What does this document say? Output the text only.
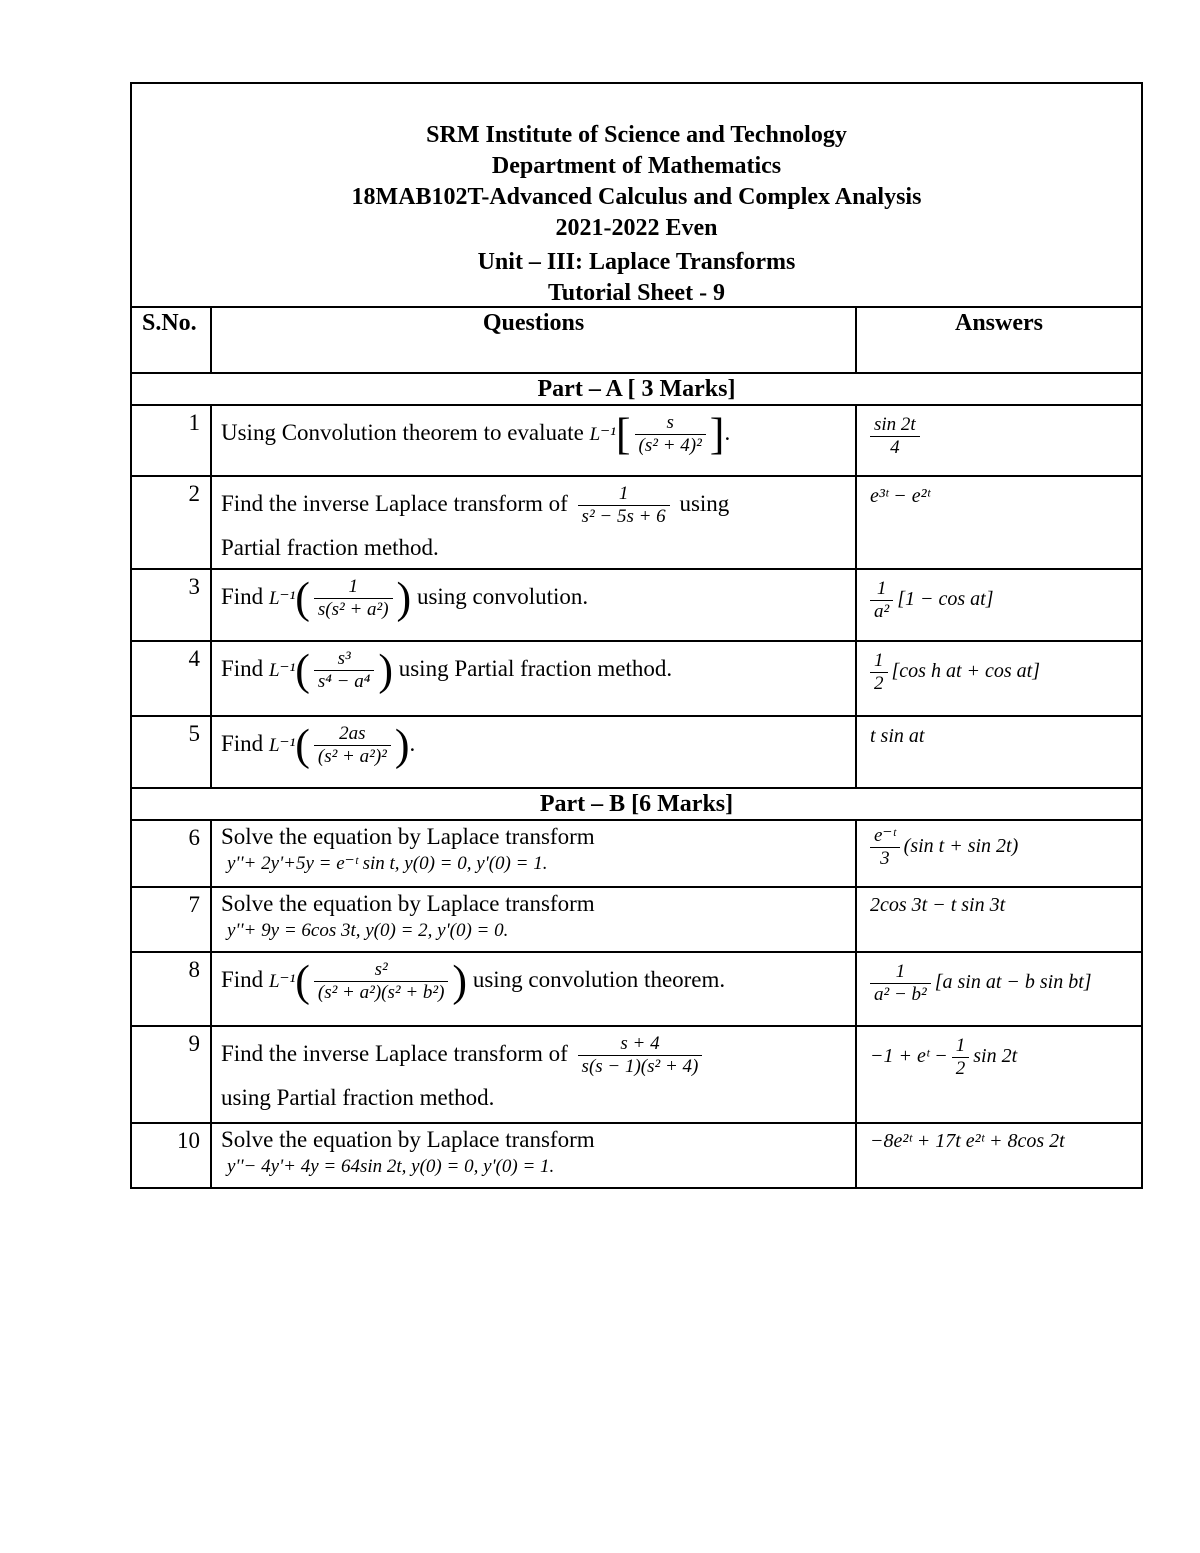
SRM Institute of Science and Technology
Department of Mathematics
18MAB102T-Advanced Calculus and Complex Analysis
2021-2022 Even
Unit – III: Laplace Transforms
Tutorial Sheet - 9
S.No.	Questions	Answers
Part – A [ 3 Marks]		
1	Using Convolution theorem to evaluate $L^{-1}[ \frac{s}{\text{(s² + 4)²}}$ ].	$\frac{\sin 2t}{4}$

2	Find the inverse Laplace transform of $\frac{1}{\text{s² − 5s + 6}}$ using
Partial fraction method.	e³ᵗ − e²ᵗ
3	Find $L^{-1}( \frac{1}{\text{s(s² + a²)}}$ ) using convolution.	$\frac{1}{\text{a²}} [1 - \cos at]$
4	Find $L^{-1}( \frac{\text{s³}}{\text{s⁴ − a⁴}}$ ) using Partial fraction method.	$\frac{1}{2} [\cos$ h at + cos at]
5	Find $L^{-1}( \frac{2as}{\text{(s² + a²)²}}$ ).	t sin at
Part – B [6 Marks]		
6	Solve the equation by Laplace transform
y''+ 2y'+5y = e⁻ᵗ sin t, y(0) = 0, y'(0) = 1.	$\frac{\text{e⁻ᵗ}}{3} (\sin$ t + sin 2t)
7	Solve the equation by Laplace transform
y''+ 9y = 6cos 3t, y(0) = 2, y'(0) = 0.	2cos 3t − t sin 3t
8	Find $L^{-1}( \frac{\text{s²}}{\text{(s² + a²)(s² + b²)}}$ ) using convolution theorem.	$\frac{1}{\text{a² − b²}} [a$ sin at − b sin bt]
9	Find the inverse Laplace transform of $\frac{s + 4}{\text{s(s − 1)(s² + 4)}}$

using Partial fraction method.	−1 + eᵗ − $\frac{1}{2}$ sin 2t
10	Solve the equation by Laplace transform
y''− 4y'+ 4y = 64sin 2t, y(0) = 0, y'(0) = 1.	−8e²ᵗ + 17t e²ᵗ + 8cos 2t
